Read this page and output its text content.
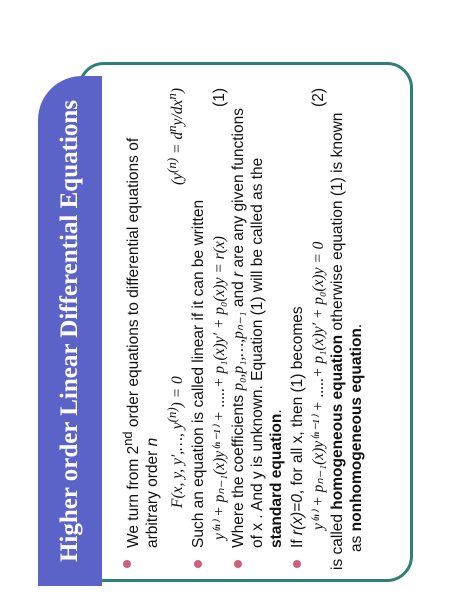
Higher order Linear Differential Equations	We turn from 2nd order equations to differential equations of
arbitrary order n F(x, y, y′,…, $y^{(n)}) = 0$
$(y^{(n)} = d^ny/dx^n)$
Such an equation is called linear if it can be written y⁽ⁿ⁾ + pₙ₋₁(x)y⁽ⁿ⁻¹⁾ + .....+ p₁(x)y′ + p₀(x)y = r(x)
(1)
Where the coefficients p₀,p₁,…,pₙ₋₁ and r are any given functions of x . And y is unknown. Equation (1) will be called as the standard equation.
If r(x)=0, for all x, then (1) becomes y⁽ⁿ⁾ + pₙ₋₁(x)y⁽ⁿ⁻¹⁾ + .....+ p₁(x)y′ + p₀(x)y = 0
(2)
is called homogeneous equation otherwise equation (1) is known
as nonhomogeneous equation.
